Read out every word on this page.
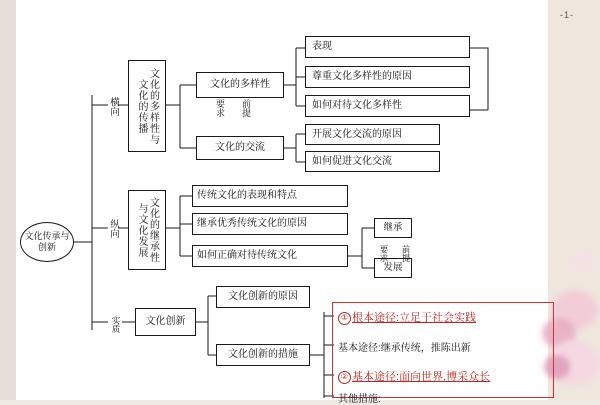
-1-
文化传承与创新
横向
纵向
实质
文化的多样性与文化的传播
文化的继承性与文化发展
文化创新
文化的多样性
文化的交流
要求	前提
表现
尊重文化多样性的原因
如何对待文化多样性
开展文化交流的原因
如何促进文化交流
传统文化的表现和特点
继承优秀传统文化的原因
如何正确对待传统文化
继承
发展
要求	前提
文化创新的原因
文化创新的措施
① 根本途径:立足于社会实践
基本途径:继承传统，推陈出新
② 基本途径:面向世界,博采众长
其他措施:
